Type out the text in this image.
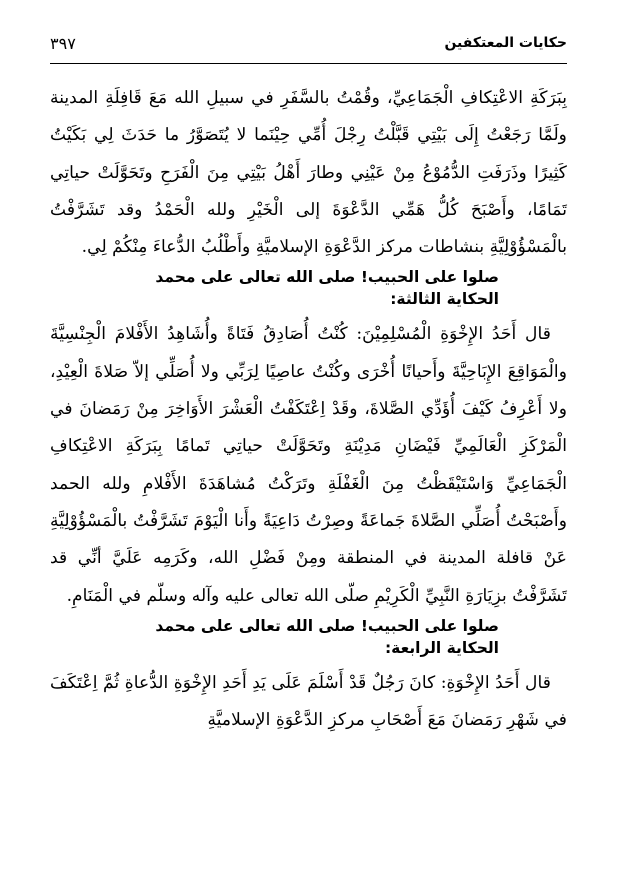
٣٩٧	حكايات المعتكفين

بِبَرَكَةِ الاعْتِكافِ الْجَمَاعِيِّ، وقُمْتُ بالسَّفَرِ في سبيلِ الله مَعَ قَافِلَةِ المدينة ولَمَّا رَجَعْتُ إِلَى بَيْتِي قَبَّلْتُ رِجْلَ أُمِّي حِيْنَما لا يُتَصَوَّرُ ما حَدَثَ لِي بَكَيْتُ كَثِيرًا وذَرَفَتِ الدُّمُوْعُ مِنْ عَيْنِي وطارَ أَهْلُ بَيْتِي مِنَ الْفَرَحِ وتَحَوَّلَتْ حياتِي تَمَامًا، وأَصْبَحَ كُلُّ هَمِّي الدَّعْوَةَ إلى الْخَيْرِ ولله الْحَمْدُ وقد تَشَرَّفْتُ بالْمَسْؤُوْلِيَّةِ بنشاطات مركز الدَّعْوَةِ الإسلاميَّةِ وأَطْلُبُ الدُّعاءَ مِنْكُمْ لِي.

صلوا على الحبيب! صلى الله تعالى على محمد
الحكاية الثالثة:

قال أَحَدُ الإِخْوَةِ الْمُسْلِمِيْنَ: كُنْتُ أُصَادِقُ فَتَاةً وأُشَاهِدُ الأَفْلامَ الْجِنْسِيَّةَ والْمَوَاقِعَ الإِبَاحِيَّةَ وأَحيانًا أُخْرَى وكُنْتُ عاصِيًا لِرَبِّي ولا أُصَلِّي إلاّ صَلاةَ الْعِيْدِ، ولا أَعْرِفُ كَيْفَ أُؤَدِّي الصَّلاةَ، وقَدْ اِعْتَكَفْتُ الْعَشْرَ الأَوَاخِرَ مِنْ رَمَضانَ في الْمَرْكَزِ الْعَالَمِيِّ فَيْضَانِ مَدِيْنَةِ وتَحَوَّلَتْ حياتِي تَمامًا بِبَرَكَةِ الاعْتِكافِ الْجَمَاعِيِّ وَاسْتَيْقَظْتُ مِنَ الْغَفْلَةِ وتَرَكْتُ مُشاهَدَةَ الأَفْلامِ ولله الحمد وأَصْبَحْتُ أُصَلِّي الصَّلاةَ جَماعَةً وصِرْتُ دَاعِيَةً وأَنا الْيَوْمَ تَشَرَّفْتُ بالْمَسْؤُوْلِيَّةِ عَنْ قافلة المدينة في المنطقة ومِنْ فَضْلِ الله، وكَرَمِه عَلَيَّ أنِّي قد تَشَرَّفْتُ بزِيَارَةِ النَّبِيِّ الْكَرِيْمِ صلّى الله تعالى عليه وآله وسلّم في الْمَنَامِ.

صلوا على الحبيب! صلى الله تعالى على محمد
الحكاية الرابعة:

قال أَحَدُ الإِخْوَةِ: كانَ رَجُلٌ قَدْ أَسْلَمَ عَلَى يَدِ أَحَدِ الإِخْوَةِ الدُّعاةِ ثُمَّ اِعْتَكَفَ في شَهْرِ رَمَضانَ مَعَ أَصْحَابِ مركزِ الدَّعْوَةِ الإسلاميَّةِ
